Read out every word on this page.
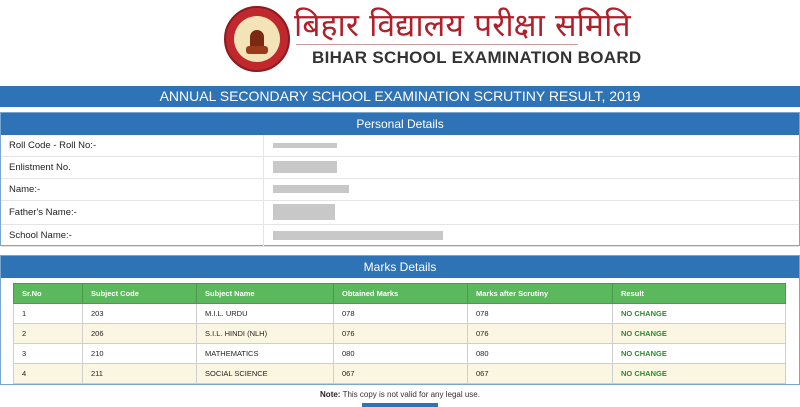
बिहार विद्यालय परीक्षा समिति
BIHAR SCHOOL EXAMINATION BOARD
ANNUAL SECONDARY SCHOOL EXAMINATION SCRUTINY RESULT, 2019
Personal Details
Roll Code - Roll No:-
Enlistment No.
Name:-
Father's Name:-
School Name:-
Marks Details
Sr.No	Subject Code	Subject Name	Obtained Marks	Marks after Scrutiny	Result
1	203	M.I.L. URDU	078	078	NO CHANGE
2	206	S.I.L. HINDI (NLH)	076	076	NO CHANGE
3	210	MATHEMATICS	080	080	NO CHANGE
4	211	SOCIAL SCIENCE	067	067	NO CHANGE
Note: This copy is not valid for any legal use.
